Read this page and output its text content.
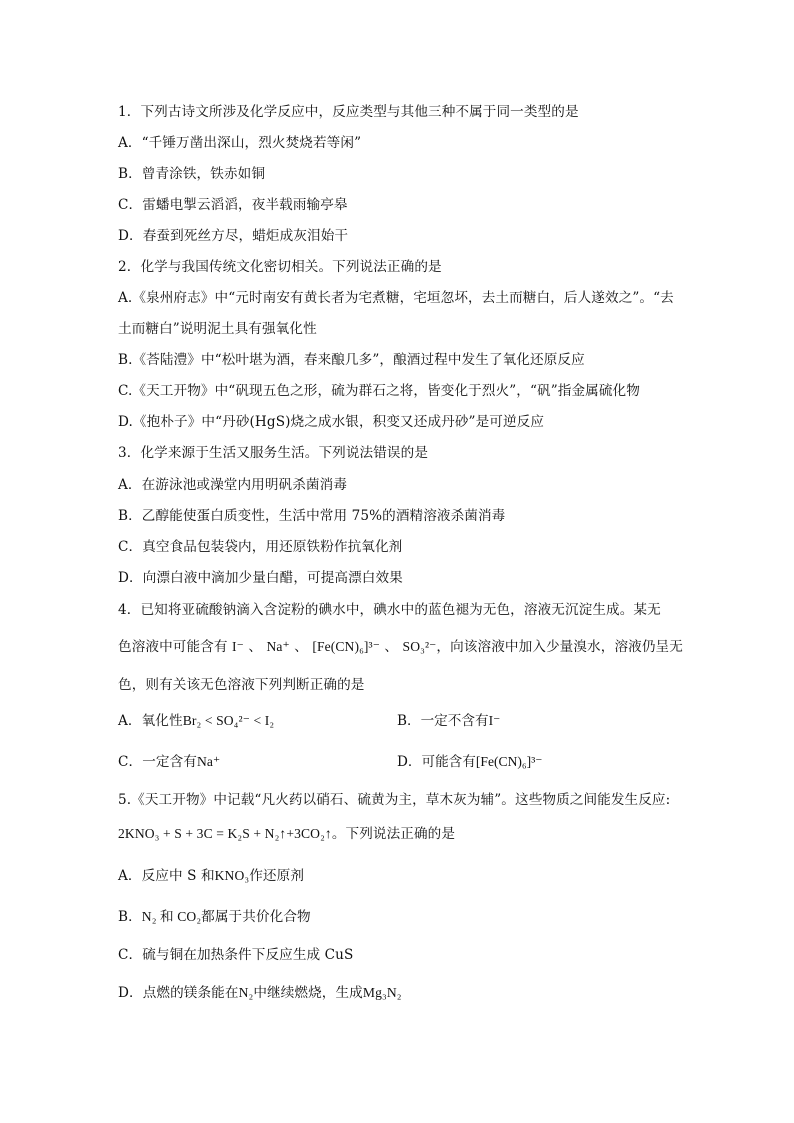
1．下列古诗文所涉及化学反应中，反应类型与其他三种不属于同一类型的是
A．“千锤万凿出深山，烈火焚烧若等闲”
B．曾青涂铁，铁赤如铜
C．雷蟠电掣云滔滔，夜半载雨输亭皋
D．春蚕到死丝方尽，蜡炬成灰泪始干
2．化学与我国传统文化密切相关。下列说法正确的是
A.《泉州府志》中“元时南安有黄长者为宅煮糖，宅垣忽坏，去土而糖白，后人遂效之”。“去
土而糖白”说明泥土具有强氧化性
B.《荅陆澧》中“松叶堪为酒，春来酿几多”，酿酒过程中发生了氧化还原反应
C.《天工开物》中“矾现五色之形，硫为群石之将，皆变化于烈火”，“矾”指金属硫化物
D.《抱朴子》中“丹砂(HgS)烧之成水银，积变又还成丹砂”是可逆反应
3．化学来源于生活又服务生活。下列说法错误的是
A．在游泳池或澡堂内用明矾杀菌消毒
B．乙醇能使蛋白质变性，生活中常用 75%的酒精溶液杀菌消毒
C．真空食品包装袋内，用还原铁粉作抗氧化剂
D．向漂白液中滴加少量白醋，可提高漂白效果
4．已知将亚硫酸钠滴入含淀粉的碘水中，碘水中的蓝色褪为无色，溶液无沉淀生成。某无
色溶液中可能含有 I⁻ 、 Na⁺ 、 [Fe(CN)₆]³⁻ 、 SO₃²⁻，向该溶液中加入少量溴水，溶液仍呈无
色，则有关该无色溶液下列判断正确的是
A．氧化性Br₂ < SO₄²⁻ < I₂	B．一定不含有I⁻
C．一定含有Na⁺	D．可能含有[Fe(CN)₆]³⁻
5.《天工开物》中记载“凡火药以硝石、硫黄为主，草木灰为辅”。这些物质之间能发生反应:
2KNO₃ + S + 3C = K₂S + N₂↑+3CO₂↑。下列说法正确的是
A．反应中 S 和KNO₃作还原剂
B．N₂ 和 CO₂都属于共价化合物
C．硫与铜在加热条件下反应生成 CuS
D．点燃的镁条能在N₂中继续燃烧，生成Mg₃N₂
